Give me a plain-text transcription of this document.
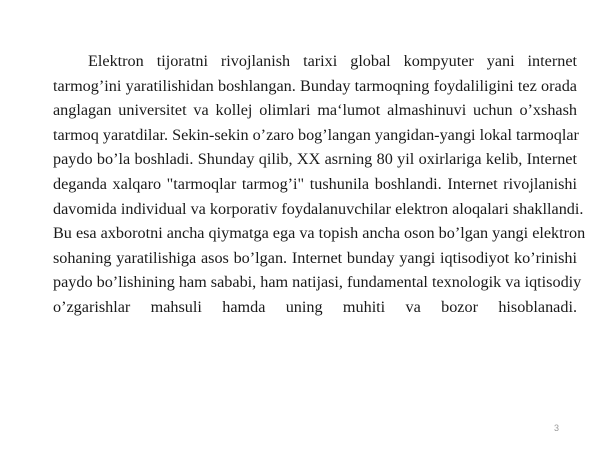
Elektron tijoratni rivojlanish tarixi global kompyuter yani internet
tarmog’ini yaratilishidan boshlangan. Bunday tarmoqning foydaliligini tez orada
anglagan universitet va kollej olimlari ma‘lumot almashinuvi uchun o’xshash
tarmoq yaratdilar. Sekin-sekin o’zaro bog’langan yangidan-yangi lokal tarmoqlar
paydo bo’la boshladi. Shunday qilib, XX asrning 80 yil oxirlariga kelib, Internet
deganda xalqaro "tarmoqlar tarmog’i" tushunila boshlandi. Internet rivojlanishi
davomida individual va korporativ foydalanuvchilar elektron aloqalari shakllandi.
Bu esa axborotni ancha qiymatga ega va topish ancha oson bo’lgan yangi elektron
sohaning yaratilishiga asos bo’lgan. Internet bunday yangi iqtisodiyot ko’rinishi
paydo bo’lishining ham sababi, ham natijasi, fundamental texnologik va iqtisodiy
o’zgarishlar mahsuli hamda uning muhiti va bozor hisoblanadi.
3
